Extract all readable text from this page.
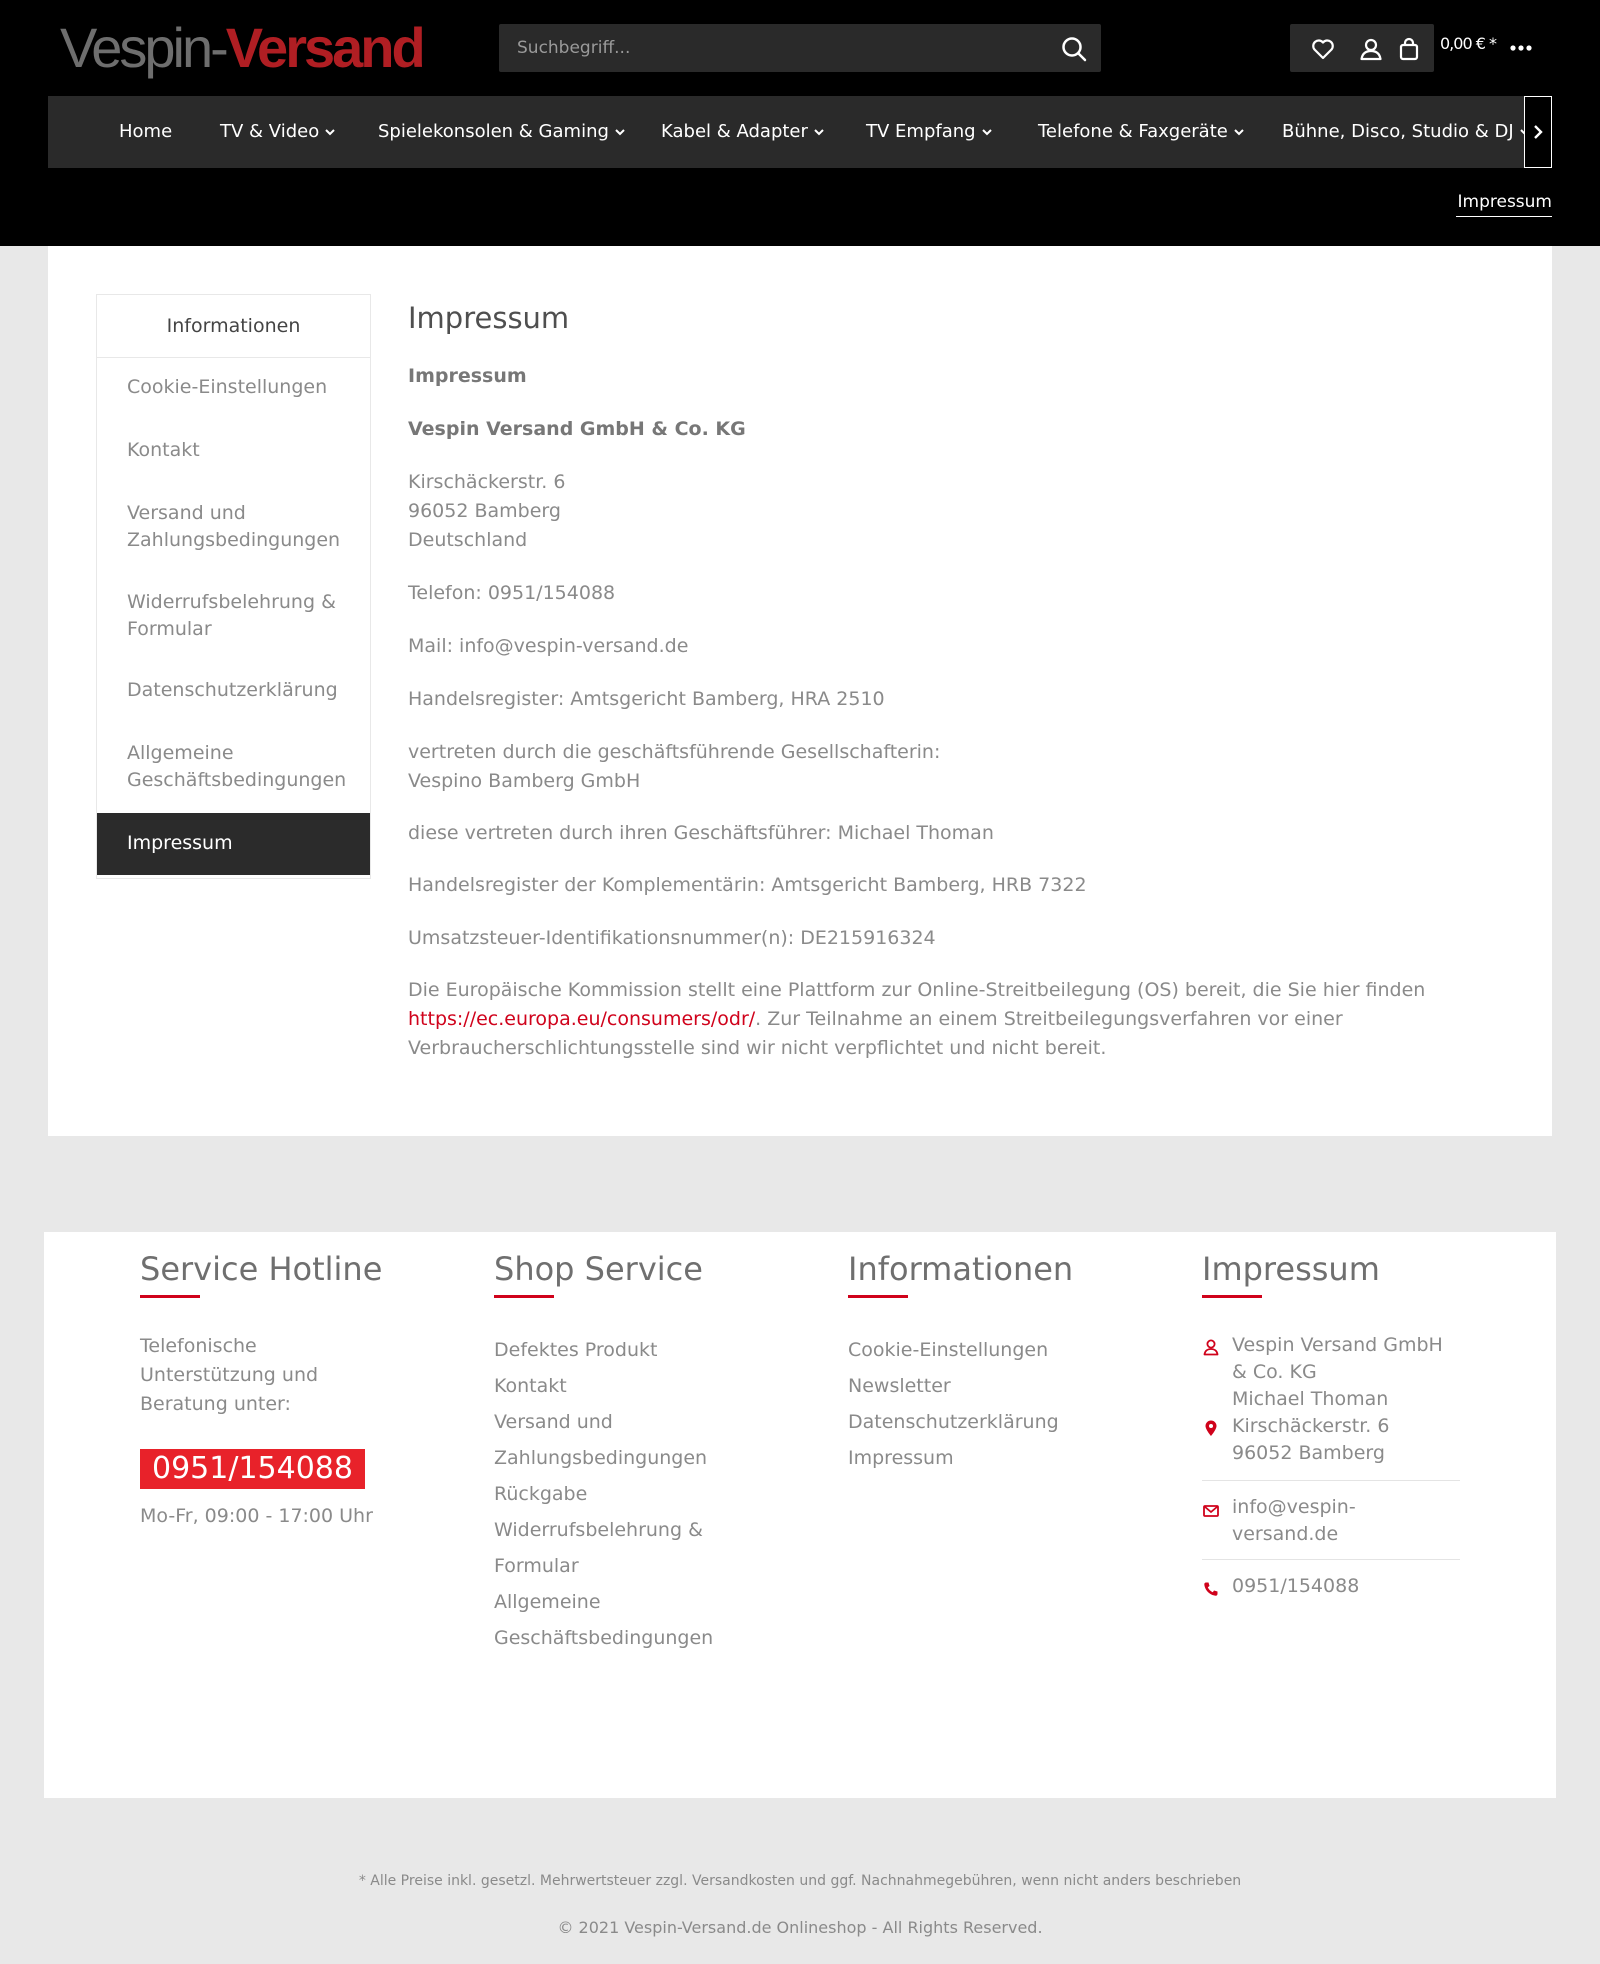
Vespin-Versand
Suchbegriff...	0,00 € *
Home	TV & Video	Spielekonsolen & Gaming	Kabel & Adapter	TV Empfang	Telefone & Faxgeräte	Bühne, Disco, Studio & DJ
Impressum
Informationen
Cookie-Einstellungen
Kontakt
Versand und
Zahlungsbedingungen
Widerrufsbelehrung & Formular
Datenschutzerklärung
Allgemeine
Geschäftsbedingungen
Impressum
Impressum
Impressum
Vespin Versand GmbH & Co. KG
Kirschäckerstr. 6
96052 Bamberg
Deutschland
Telefon: 0951/154088
Mail: info@vespin-versand.de
Handelsregister: Amtsgericht Bamberg, HRA 2510
vertreten durch die geschäftsführende Gesellschafterin:
Vespino Bamberg GmbH
diese vertreten durch ihren Geschäftsführer: Michael Thoman
Handelsregister der Komplementärin: Amtsgericht Bamberg, HRB 7322
Umsatzsteuer-Identifikationsnummer(n): DE215916324
Die Europäische Kommission stellt eine Plattform zur Online-Streitbeilegung (OS) bereit, die Sie hier finden https://ec.europa.eu/consumers/odr/. Zur Teilnahme an einem Streitbeilegungsverfahren vor einer Verbraucherschlichtungsstelle sind wir nicht verpflichtet und nicht bereit.
Service Hotline
Telefonische Unterstützung und Beratung unter:
0951/154088
Mo-Fr, 09:00 - 17:00 Uhr
Shop Service
Defektes Produkt
Kontakt
Versand und
Zahlungsbedingungen
Rückgabe
Widerrufsbelehrung &
Formular
Allgemeine
Geschäftsbedingungen
Informationen
Cookie-Einstellungen
Newsletter
Datenschutzerklärung
Impressum
Impressum
Vespin Versand GmbH
& Co. KG
Michael Thoman
Kirschäckerstr. 6
96052 Bamberg
info@vespin-
versand.de
0951/154088
* Alle Preise inkl. gesetzl. Mehrwertsteuer zzgl. Versandkosten und ggf. Nachnahmegebühren, wenn nicht anders beschrieben
© 2021 Vespin-Versand.de Onlineshop - All Rights Reserved.
